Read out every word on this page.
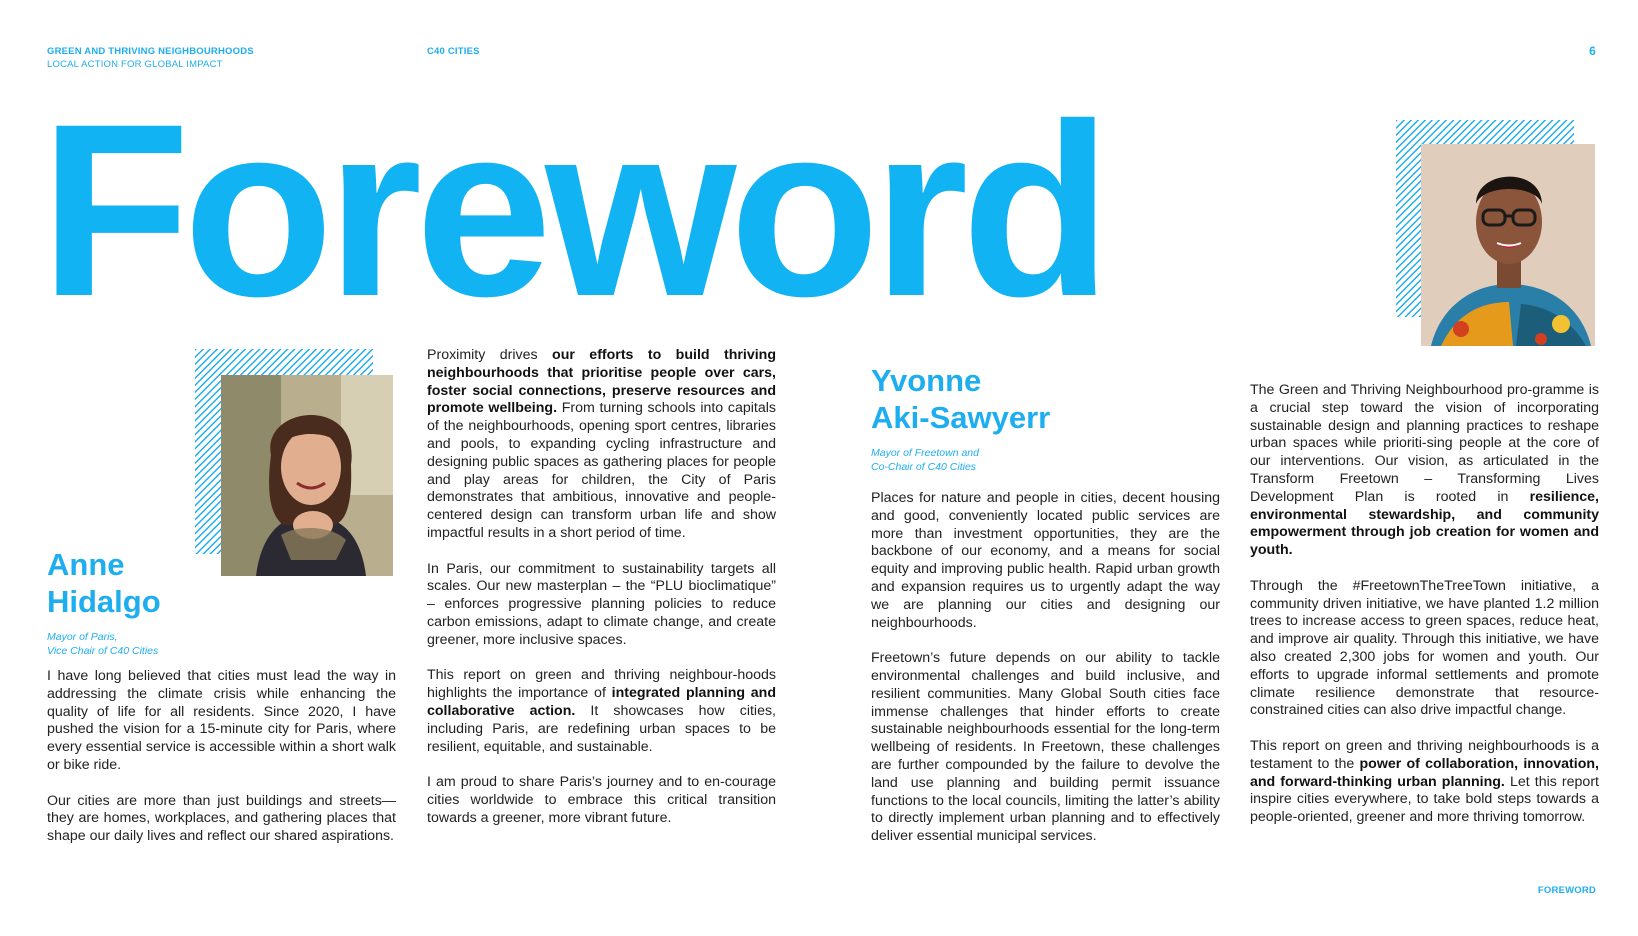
GREEN AND THRIVING NEIGHBOURHOODS
LOCAL ACTION FOR GLOBAL IMPACT
C40 CITIES	6
Foreword
Anne
Hidalgo
Mayor of Paris,
Vice Chair of C40 Cities

I have long believed that cities must lead the way in addressing the climate crisis while enhancing the quality of life for all residents. Since 2020, I have pushed the vision for a 15-minute city for Paris, where every essential service is accessible within a short walk or bike ride.

Our cities are more than just buildings and streets—they are homes, workplaces, and gathering places that shape our daily lives and reflect our shared aspirations.

Proximity drives our efforts to build thriving neighbourhoods that prioritise people over cars, foster social connections, preserve resources and promote wellbeing. From turning schools into capitals of the neighbourhoods, opening sport centres, libraries and pools, to expanding cycling infrastructure and designing public spaces as gathering places for people and play areas for children, the City of Paris demonstrates that ambitious, innovative and people-centered design can transform urban life and show impactful results in a short period of time.

In Paris, our commitment to sustainability targets all scales. Our new masterplan – the “PLU bioclimatique” – enforces progressive planning policies to reduce carbon emissions, adapt to climate change, and create greener, more inclusive spaces.

This report on green and thriving neighbour-hoods highlights the importance of integrated planning and collaborative action. It showcases how cities, including Paris, are redefining urban spaces to be resilient, equitable, and sustainable.

I am proud to share Paris’s journey and to en-courage cities worldwide to embrace this critical transition towards a greener, more vibrant future.

Yvonne
Aki-Sawyerr
Mayor of Freetown and
Co-Chair of C40 Cities

Places for nature and people in cities, decent housing and good, conveniently located public services are more than investment opportunities, they are the backbone of our economy, and a means for social equity and improving public health. Rapid urban growth and expansion requires us to urgently adapt the way we are planning our cities and designing our neighbourhoods.

Freetown’s future depends on our ability to tackle environmental challenges and build inclusive, and resilient communities. Many Global South cities face immense challenges that hinder efforts to create sustainable neighbourhoods essential for the long-term wellbeing of residents. In Freetown, these challenges are further compounded by the failure to devolve the land use planning and building permit issuance functions to the local councils, limiting the latter’s ability to directly implement urban planning and to effectively deliver essential municipal services.

The Green and Thriving Neighbourhood pro-gramme is a crucial step toward the vision of incorporating sustainable design and planning practices to reshape urban spaces while prioriti-sing people at the core of our interventions. Our vision, as articulated in the Transform Freetown – Transforming Lives Development Plan is rooted in resilience, environmental stewardship, and community empowerment through job creation for women and youth.

Through the #FreetownTheTreeTown initiative, a community driven initiative, we have planted 1.2 million trees to increase access to green spaces, reduce heat, and improve air quality. Through this initiative, we have also created 2,300 jobs for women and youth. Our efforts to upgrade informal settlements and promote climate resilience demonstrate that resource-constrained cities can also drive impactful change.

This report on green and thriving neighbourhoods is a testament to the power of collaboration, innovation, and forward-thinking urban planning. Let this report inspire cities everywhere, to take bold steps towards a people-oriented, greener and more thriving tomorrow.

FOREWORD
